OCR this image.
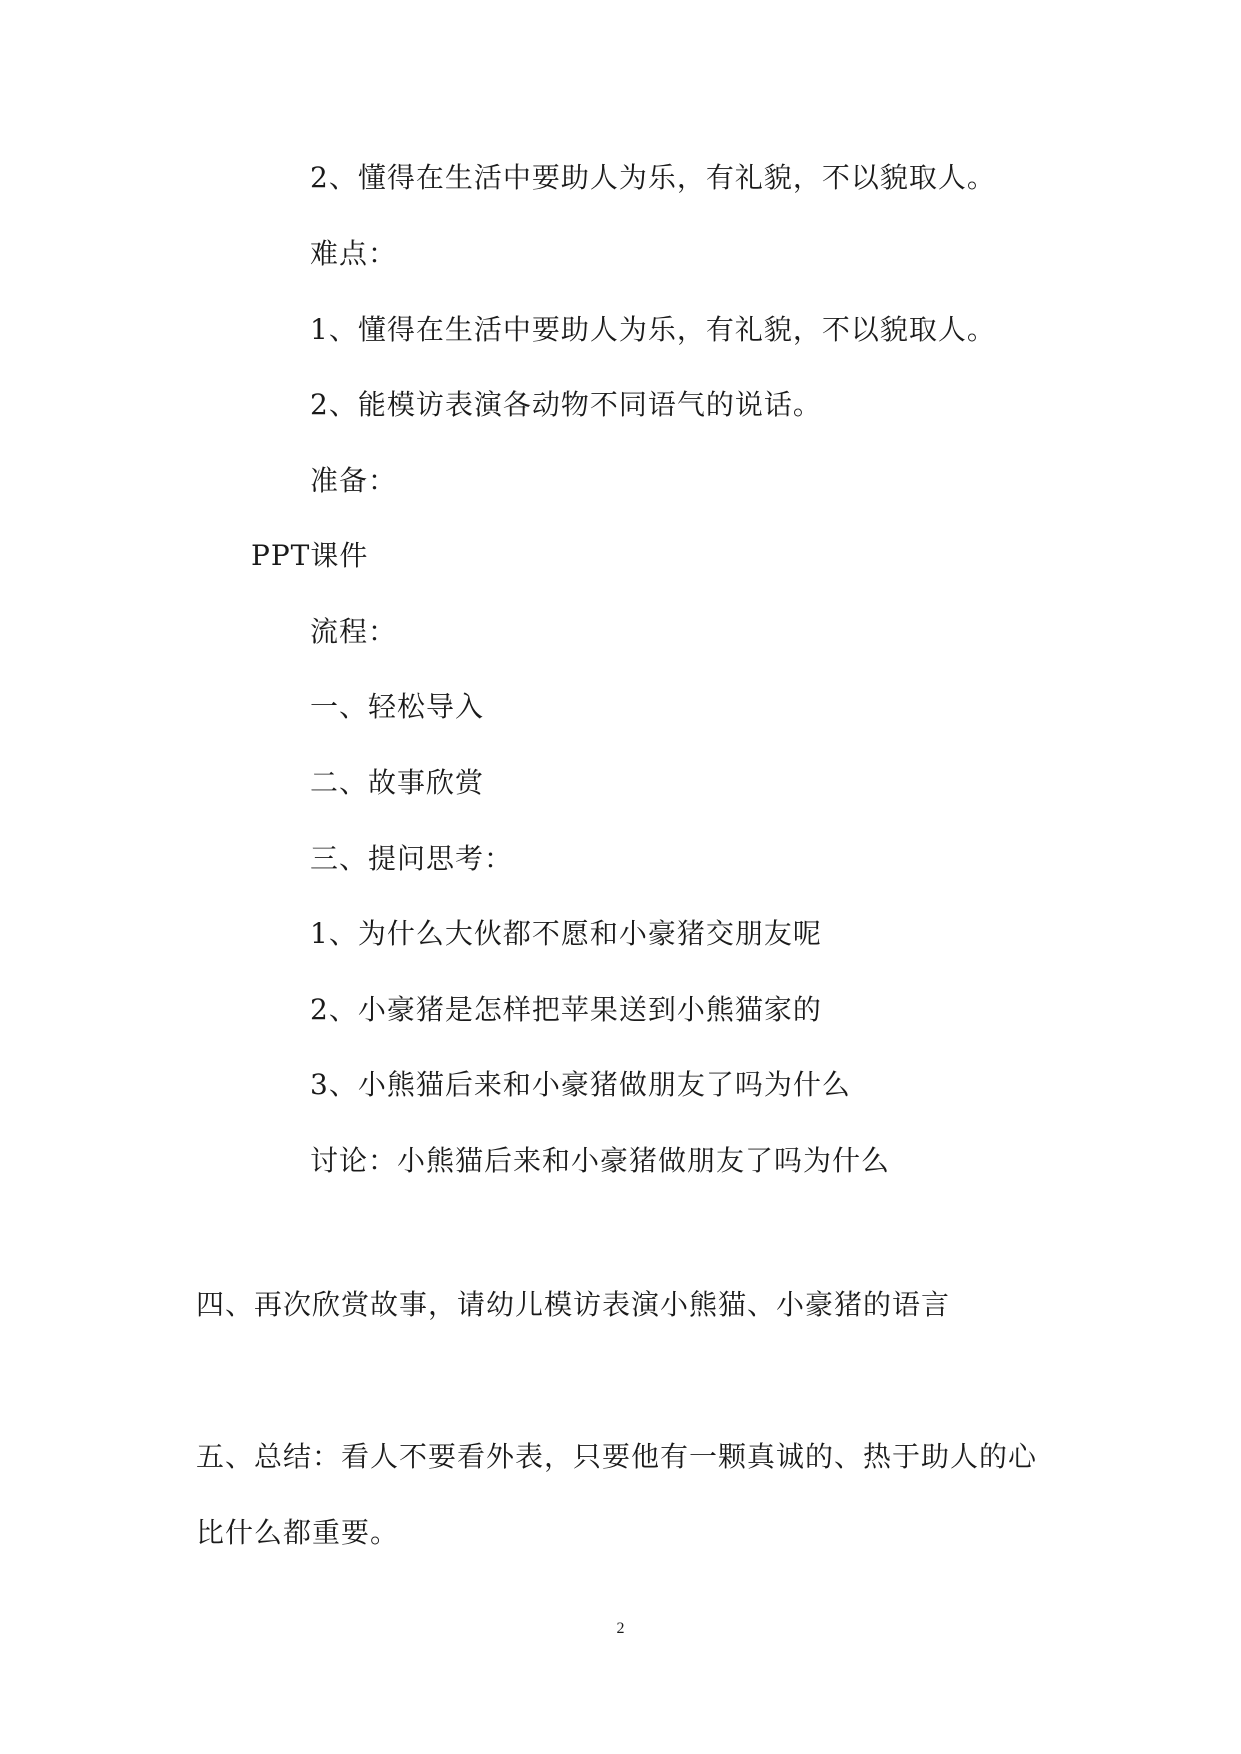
2、懂得在生活中要助人为乐，有礼貌，不以貌取人。
难点：
1、懂得在生活中要助人为乐，有礼貌，不以貌取人。
2、能模访表演各动物不同语气的说话。
准备：
PPT课件
流程：
一、轻松导入
二、故事欣赏
三、提问思考：
1、为什么大伙都不愿和小豪猪交朋友呢
2、小豪猪是怎样把苹果送到小熊猫家的
3、小熊猫后来和小豪猪做朋友了吗为什么
讨论：小熊猫后来和小豪猪做朋友了吗为什么
四、再次欣赏故事，请幼儿模访表演小熊猫、小豪猪的语言
五、总结：看人不要看外表，只要他有一颗真诚的、热于助人的心
比什么都重要。
2
